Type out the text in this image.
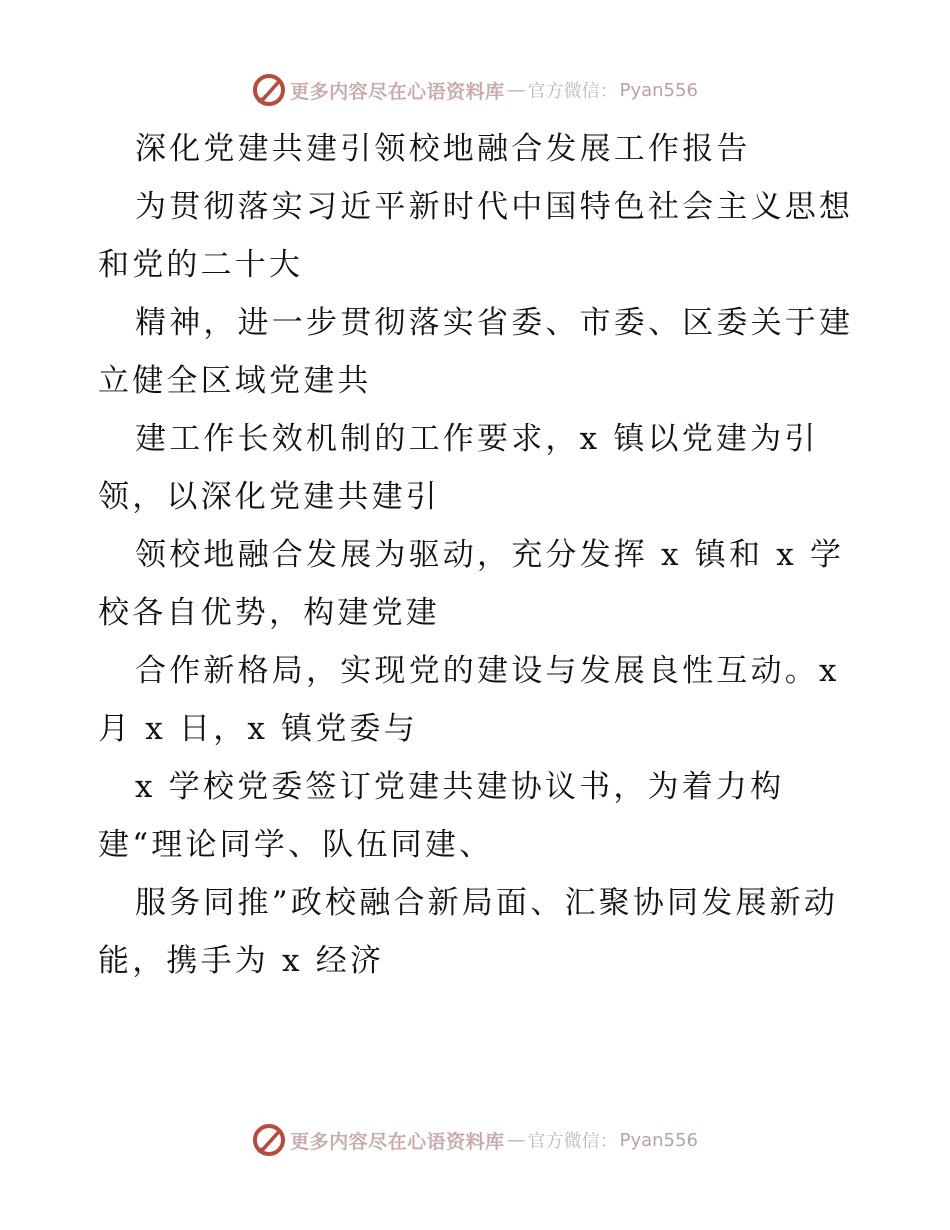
更多内容尽在心语资料库 — 官方微信： Pyan556
深化党建共建引领校地融合发展工作报告
为贯彻落实习近平新时代中国特色社会主义思想
和党的二十大
精神，进一步贯彻落实省委、市委、区委关于建
立健全区域党建共
建工作长效机制的工作要求，x 镇以党建为引
领，以深化党建共建引
领校地融合发展为驱动，充分发挥 x 镇和 x 学
校各自优势，构建党建
合作新格局，实现党的建设与发展良性互动。x
月 x 日，x 镇党委与
x 学校党委签订党建共建协议书，为着力构
建“理论同学、队伍同建、
服务同推”政校融合新局面、汇聚协同发展新动
能，携手为 x 经济
更多内容尽在心语资料库 — 官方微信： Pyan556
